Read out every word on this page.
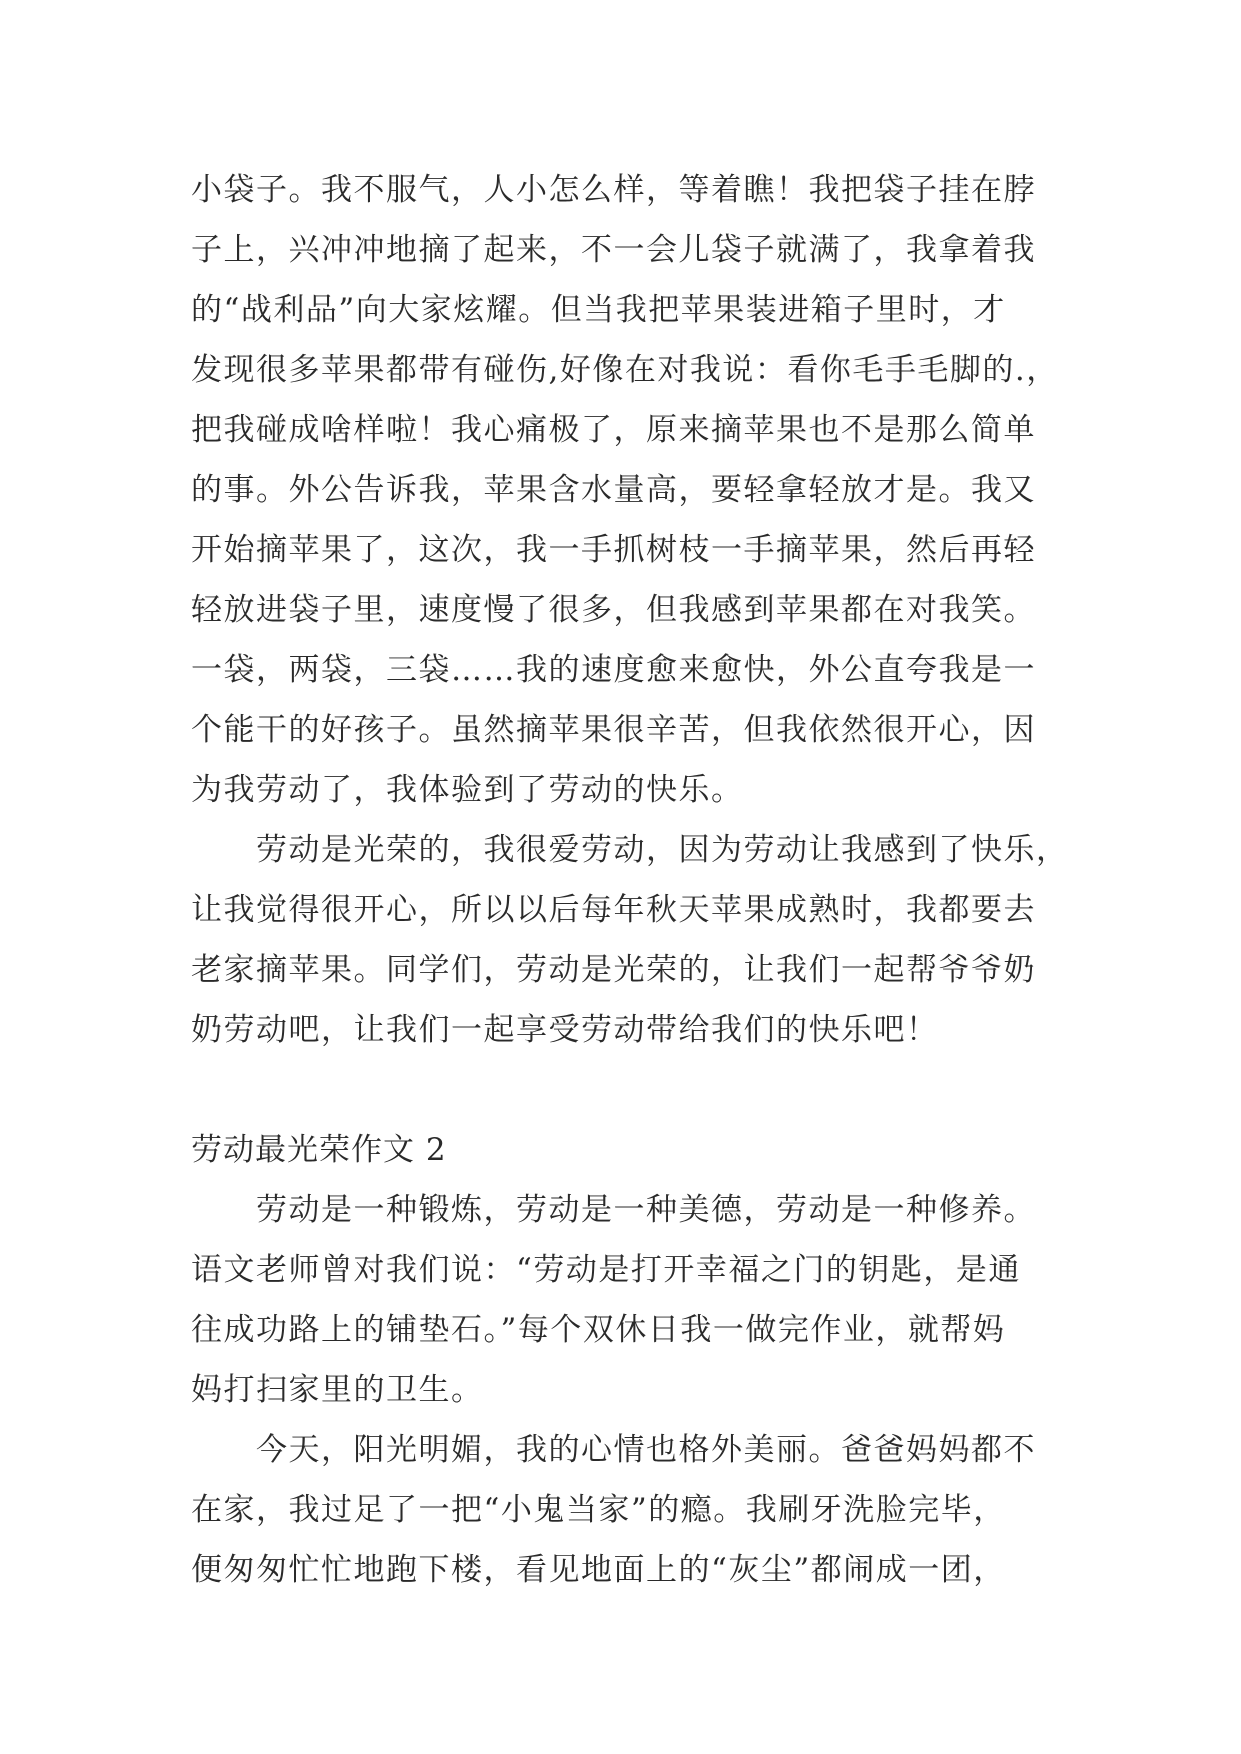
小袋子。我不服气，人小怎么样，等着瞧！我把袋子挂在脖
子上，兴冲冲地摘了起来，不一会儿袋子就满了，我拿着我
的“战利品”向大家炫耀。但当我把苹果装进箱子里时，才
发现很多苹果都带有碰伤,好像在对我说：看你毛手毛脚的.，
把我碰成啥样啦！我心痛极了，原来摘苹果也不是那么简单
的事。外公告诉我，苹果含水量高，要轻拿轻放才是。我又
开始摘苹果了，这次，我一手抓树枝一手摘苹果，然后再轻
轻放进袋子里，速度慢了很多，但我感到苹果都在对我笑。
一袋，两袋，三袋……我的速度愈来愈快，外公直夸我是一
个能干的好孩子。虽然摘苹果很辛苦，但我依然很开心，因
为我劳动了，我体验到了劳动的快乐。
　　劳动是光荣的，我很爱劳动，因为劳动让我感到了快乐，
让我觉得很开心，所以以后每年秋天苹果成熟时，我都要去
老家摘苹果。同学们，劳动是光荣的，让我们一起帮爷爷奶
奶劳动吧，让我们一起享受劳动带给我们的快乐吧！
劳动最光荣作文 2
　　劳动是一种锻炼，劳动是一种美德，劳动是一种修养。
语文老师曾对我们说：“劳动是打开幸福之门的钥匙，是通
往成功路上的铺垫石。”每个双休日我一做完作业，就帮妈
妈打扫家里的卫生。
　　今天，阳光明媚，我的心情也格外美丽。爸爸妈妈都不
在家，我过足了一把“小鬼当家”的瘾。我刷牙洗脸完毕，
便匆匆忙忙地跑下楼，看见地面上的“灰尘”都闹成一团，
